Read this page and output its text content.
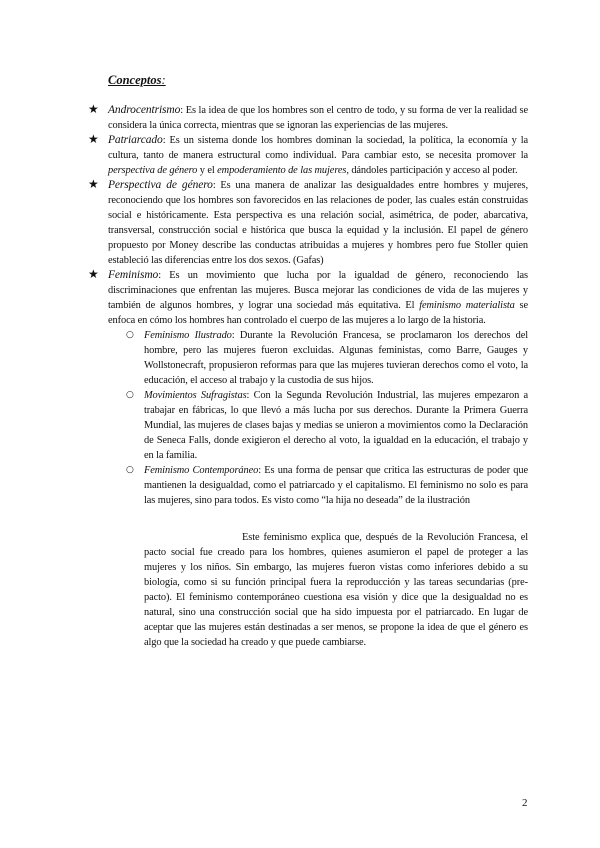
Conceptos:
★ Androcentrismo: Es la idea de que los hombres son el centro de todo, y su forma de ver la realidad se considera la única correcta, mientras que se ignoran las experiencias de las mujeres.
★ Patriarcado: Es un sistema donde los hombres dominan la sociedad, la política, la economía y la cultura, tanto de manera estructural como individual. Para cambiar esto, se necesita promover la perspectiva de género y el empoderamiento de las mujeres, dándoles participación y acceso al poder.
★ Perspectiva de género: Es una manera de analizar las desigualdades entre hombres y mujeres, reconociendo que los hombres son favorecidos en las relaciones de poder, las cuales están construidas social e históricamente. Esta perspectiva es una relación social, asimétrica, de poder, abarcativa, transversal, construcción social e histórica que busca la equidad y la inclusión. El papel de género propuesto por Money describe las conductas atribuidas a mujeres y hombres pero fue Stoller quien estableció las diferencias entre los dos sexos. (Gafas)
★ Feminismo: Es un movimiento que lucha por la igualdad de género, reconociendo las discriminaciones que enfrentan las mujeres. Busca mejorar las condiciones de vida de las mujeres y también de algunos hombres, y lograr una sociedad más equitativa. El feminismo materialista se enfoca en cómo los hombres han controlado el cuerpo de las mujeres a lo largo de la historia.
○ Feminismo Ilustrado: Durante la Revolución Francesa, se proclamaron los derechos del hombre, pero las mujeres fueron excluidas. Algunas feministas, como Barre, Gauges y Wollstonecraft, propusieron reformas para que las mujeres tuvieran derechos como el voto, la educación, el acceso al trabajo y la custodia de sus hijos.
○ Movimientos Sufragistas: Con la Segunda Revolución Industrial, las mujeres empezaron a trabajar en fábricas, lo que llevó a más lucha por sus derechos. Durante la Primera Guerra Mundial, las mujeres de clases bajas y medias se unieron a movimientos como la Declaración de Seneca Falls, donde exigieron el derecho al voto, la igualdad en la educación, el trabajo y en la familia.
○ Feminismo Contemporáneo: Es una forma de pensar que critica las estructuras de poder que mantienen la desigualdad, como el patriarcado y el capitalismo. El feminismo no solo es para las mujeres, sino para todos. Es visto como “la hija no deseada” de la ilustración

Este feminismo explica que, después de la Revolución Francesa, el pacto social fue creado para los hombres, quienes asumieron el papel de proteger a las mujeres y los niños. Sin embargo, las mujeres fueron vistas como inferiores debido a su biología, como si su función principal fuera la reproducción y las tareas secundarias (pre-pacto). El feminismo contemporáneo cuestiona esa visión y dice que la desigualdad no es natural, sino una construcción social que ha sido impuesta por el patriarcado. En lugar de aceptar que las mujeres están destinadas a ser menos, se propone la idea de que el género es algo que la sociedad ha creado y que puede cambiarse.

2
